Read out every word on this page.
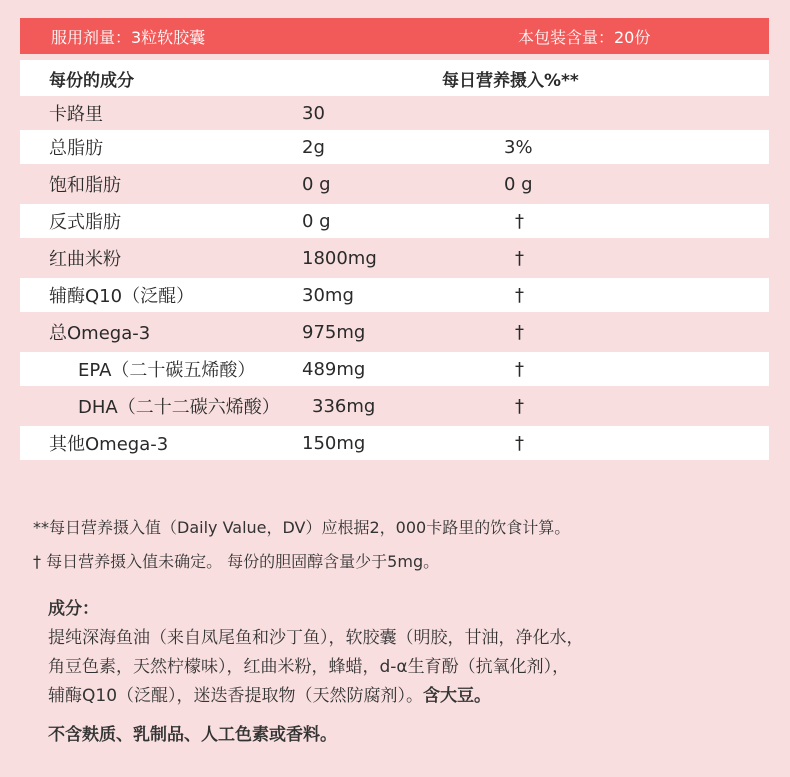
服用剂量：3粒软胶囊	本包装含量：20份
每份的成分	每日营养摄入%**
卡路里	30
总脂肪	2g	3%
饱和脂肪	0 g	0 g
反式脂肪	0 g	†
红曲米粉	1800mg	†
辅酶Q10（泛醌）	30mg	†
总Omega-3	975mg	†
EPA（二十碳五烯酸）	489mg	†
DHA（二十二碳六烯酸） 336mg	†
其他Omega-3	150mg	†
**每日营养摄入值（Daily Value，DV）应根据2，000卡路里的饮食计算。
† 每日营养摄入值未确定。 每份的胆固醇含量少于5mg。
成分：
提纯深海鱼油（来自凤尾鱼和沙丁鱼），软胶囊（明胶，甘油，净化水，
角豆色素，天然柠檬味），红曲米粉，蜂蜡，d-α生育酚（抗氧化剂），
辅酶Q10（泛醌），迷迭香提取物（天然防腐剂）。含大豆。
不含麸质、乳制品、人工色素或香料。
